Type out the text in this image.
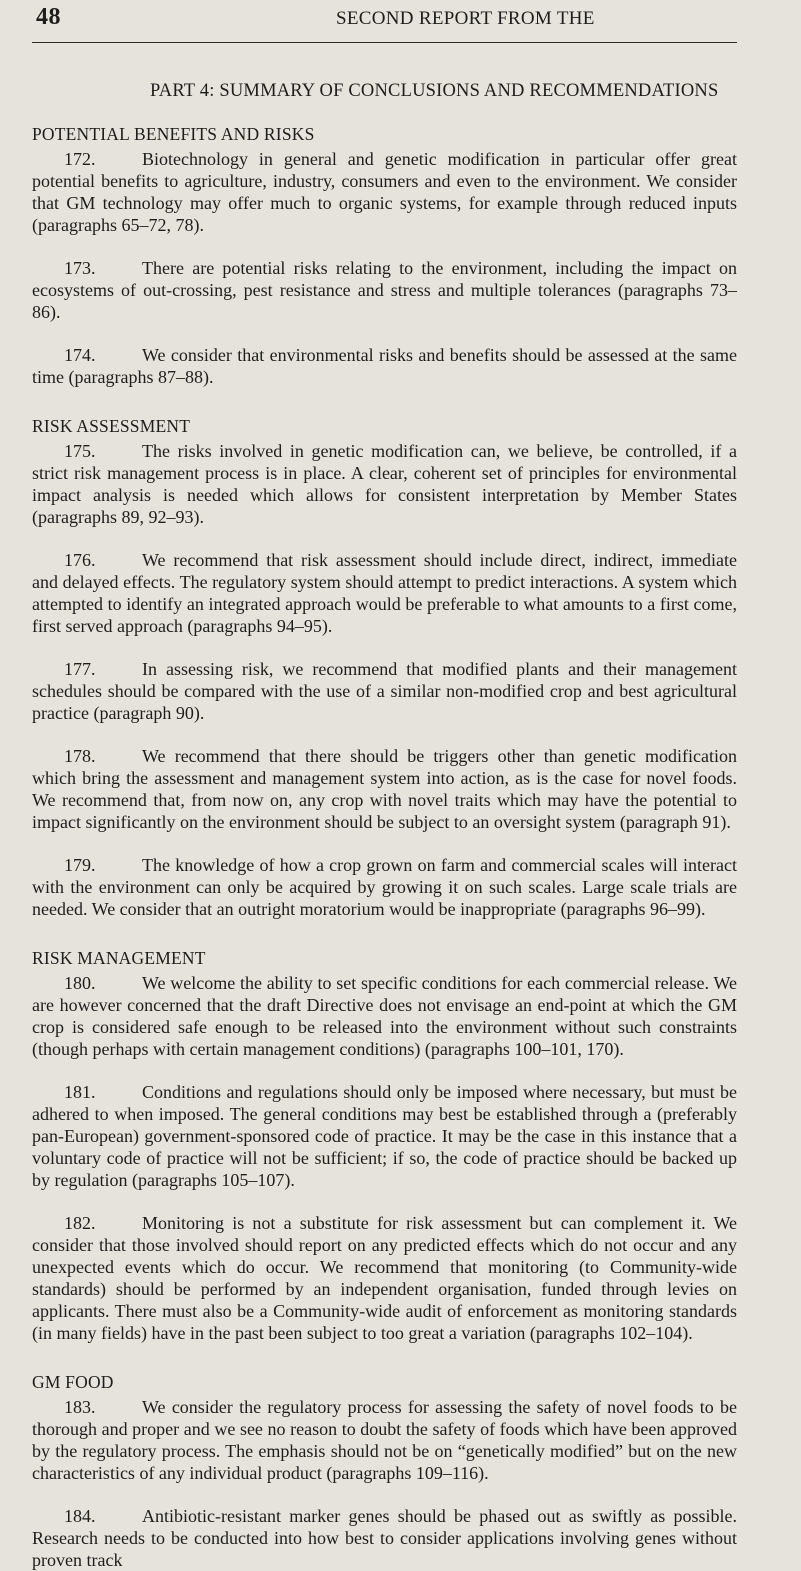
48	SECOND REPORT FROM THE
PART 4: SUMMARY OF CONCLUSIONS AND RECOMMENDATIONS
POTENTIAL BENEFITS AND RISKS

172.	Biotechnology in general and genetic modification in particular offer great potential benefits to agriculture, industry, consumers and even to the environment. We consider that GM technology may offer much to organic systems, for example through reduced inputs (paragraphs 65–72, 78).

173.	There are potential risks relating to the environment, including the impact on ecosystems of out-crossing, pest resistance and stress and multiple tolerances (paragraphs 73–86).

174.	We consider that environmental risks and benefits should be assessed at the same time (paragraphs 87–88).

RISK ASSESSMENT

175.	The risks involved in genetic modification can, we believe, be controlled, if a strict risk management process is in place. A clear, coherent set of principles for environmental impact analysis is needed which allows for consistent interpretation by Member States (paragraphs 89, 92–93).

176.	We recommend that risk assessment should include direct, indirect, immediate and delayed effects. The regulatory system should attempt to predict interactions. A system which attempted to identify an integrated approach would be preferable to what amounts to a first come, first served approach (paragraphs 94–95).

177.	In assessing risk, we recommend that modified plants and their management schedules should be compared with the use of a similar non-modified crop and best agricultural practice (paragraph 90).

178.	We recommend that there should be triggers other than genetic modification which bring the assessment and management system into action, as is the case for novel foods. We recommend that, from now on, any crop with novel traits which may have the potential to impact significantly on the environment should be subject to an oversight system (paragraph 91).

179.	The knowledge of how a crop grown on farm and commercial scales will interact with the environment can only be acquired by growing it on such scales. Large scale trials are needed. We consider that an outright moratorium would be inappropriate (paragraphs 96–99).

RISK MANAGEMENT

180.	We welcome the ability to set specific conditions for each commercial release. We are however concerned that the draft Directive does not envisage an end-point at which the GM crop is considered safe enough to be released into the environment without such constraints (though perhaps with certain management conditions) (paragraphs 100–101, 170).

181.	Conditions and regulations should only be imposed where necessary, but must be adhered to when imposed. The general conditions may best be established through a (preferably pan-European) government-sponsored code of practice. It may be the case in this instance that a voluntary code of practice will not be sufficient; if so, the code of practice should be backed up by regulation (paragraphs 105–107).

182.	Monitoring is not a substitute for risk assessment but can complement it. We consider that those involved should report on any predicted effects which do not occur and any unexpected events which do occur. We recommend that monitoring (to Community-wide standards) should be performed by an independent organisation, funded through levies on applicants. There must also be a Community-wide audit of enforcement as monitoring standards (in many fields) have in the past been subject to too great a variation (paragraphs 102–104).

GM FOOD

183.	We consider the regulatory process for assessing the safety of novel foods to be thorough and proper and we see no reason to doubt the safety of foods which have been approved by the regulatory process. The emphasis should not be on “genetically modified” but on the new characteristics of any individual product (paragraphs 109–116).

184.	Antibiotic-resistant marker genes should be phased out as swiftly as possible. Research needs to be conducted into how best to consider applications involving genes without proven track
